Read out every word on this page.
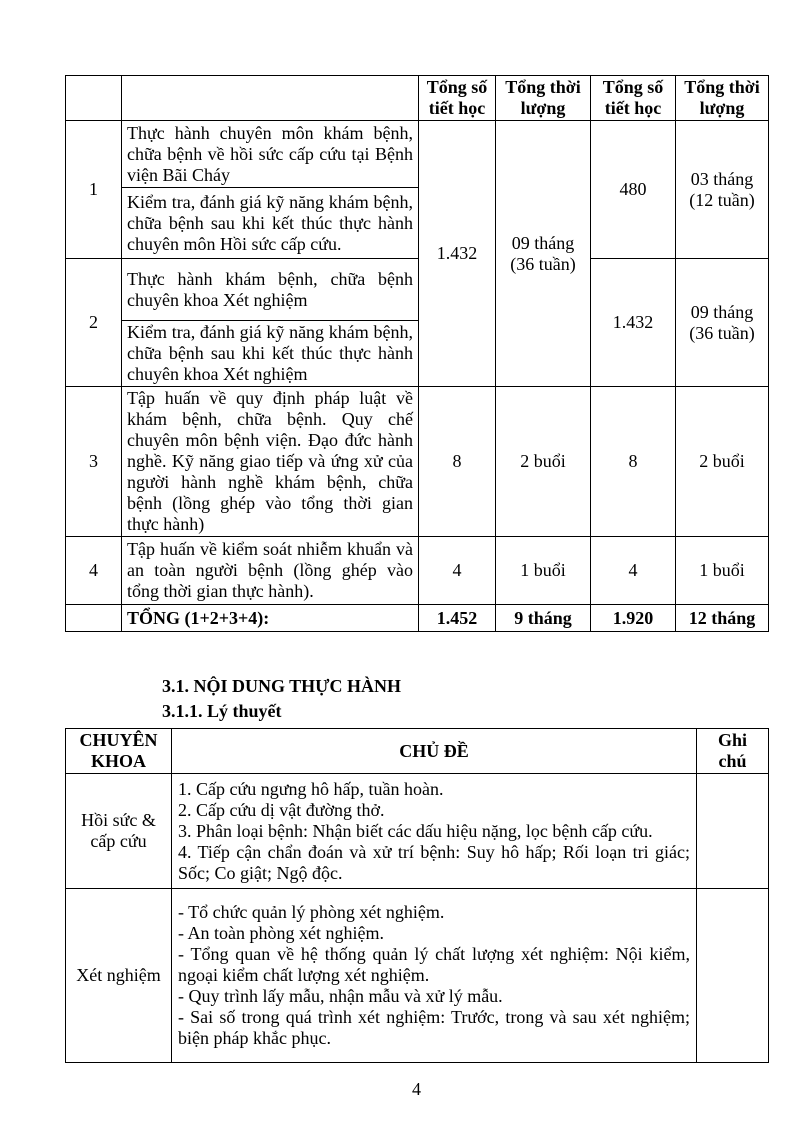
		Tổng số tiết học	Tổng thời lượng	Tổng số tiết học	Tổng thời lượng
1	Thực hành chuyên môn khám bệnh, chữa bệnh về hồi sức cấp cứu tại Bệnh viện Bãi Cháy	1.432	09 tháng (36 tuần)	480	03 tháng (12 tuần)
	Kiểm tra, đánh giá kỹ năng khám bệnh, chữa bệnh sau khi kết thúc thực hành chuyên môn Hồi sức cấp cứu.				
2	Thực hành khám bệnh, chữa bệnh chuyên khoa Xét nghiệm			1.432	09 tháng (36 tuần)
	Kiểm tra, đánh giá kỹ năng khám bệnh, chữa bệnh sau khi kết thúc thực hành chuyên khoa Xét nghiệm				
3	Tập huấn về quy định pháp luật về khám bệnh, chữa bệnh. Quy chế chuyên môn bệnh viện. Đạo đức hành nghề. Kỹ năng giao tiếp và ứng xử của người hành nghề khám bệnh, chữa bệnh (lồng ghép vào tổng thời gian thực hành)	8	2 buổi	8	2 buổi
4	Tập huấn về kiểm soát nhiễm khuẩn và an toàn người bệnh (lồng ghép vào tổng thời gian thực hành).	4	1 buổi	4	1 buổi
	TỔNG (1+2+3+4):	1.452	9 tháng	1.920	12 tháng
3.1. NỘI DUNG THỰC HÀNH
3.1.1. Lý thuyết
CHUYÊN KHOA	CHỦ ĐỀ	Ghi chú
Hồi sức & cấp cứu	1. Cấp cứu ngưng hô hấp, tuần hoàn.

2. Cấp cứu dị vật đường thở.

3. Phân loại bệnh: Nhận biết các dấu hiệu nặng, lọc bệnh cấp cứu.

4. Tiếp cận chẩn đoán và xử trí bệnh: Suy hô hấp; Rối loạn tri giác; Sốc; Co giật; Ngộ độc.	

Xét nghiệm	- Tổ chức quản lý phòng xét nghiệm.

- An toàn phòng xét nghiệm.

- Tổng quan về hệ thống quản lý chất lượng xét nghiệm: Nội kiểm, ngoại kiểm chất lượng xét nghiệm.

- Quy trình lấy mẫu, nhận mẫu và xử lý mẫu.

- Sai số trong quá trình xét nghiệm: Trước, trong và sau xét nghiệm; biện pháp khắc phục.	

4
